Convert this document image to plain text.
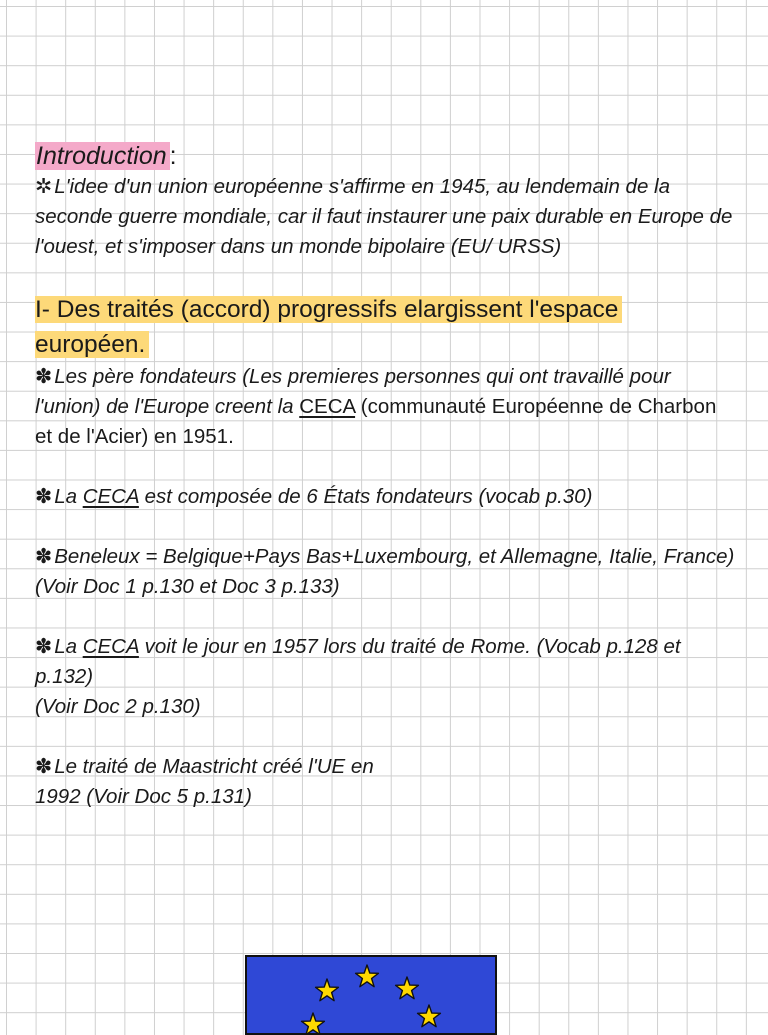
Introduction :

✲L'idee d'un union européenne s'affirme en 1945, au lendemain de la seconde guerre mondiale, car il faut instaurer une paix durable en Europe de l'ouest, et s'imposer dans un monde bipolaire (EU/ URSS)

I- Des traités (accord) progressifs elargissent l'espace européen.

✽Les père fondateurs (Les premieres personnes qui ont travaillé pour l'union) de l'Europe creent la CECA (communauté Européenne de Charbon et de l'Acier) en 1951.

✽La CECA est composée de 6 États fondateurs (vocab p.30)

✽Beneleux = Belgique+Pays Bas+Luxembourg, et Allemagne, Italie, France)
(Voir Doc 1 p.130 et Doc 3 p.133)

✽La CECA voit le jour en 1957 lors du traité de Rome. (Vocab p.128 et p.132)
(Voir Doc 2 p.130)

✽Le traité de Maastricht créé l'UE en
1992 (Voir Doc 5 p.131)
